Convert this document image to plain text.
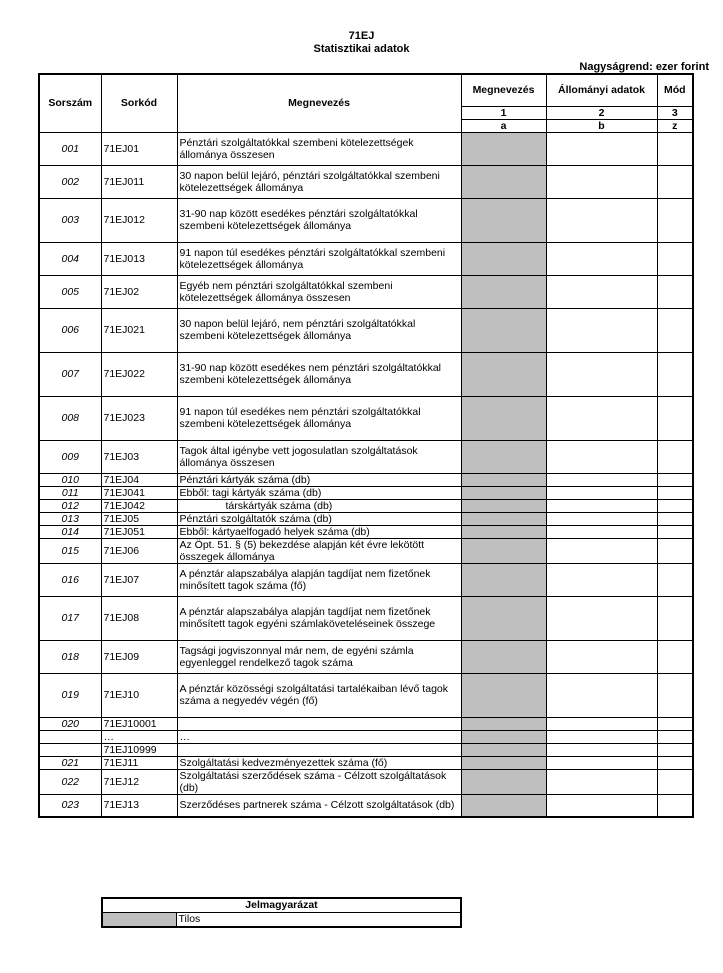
71EJ
Statisztikai adatok
Nagyságrend: ezer forint
Sorszám	Sorkód	Megnevezés	Megnevezés	Állományi adatok	Mód
			1	2	3
			a	b	z
001	71EJ01	Pénztári szolgáltatókkal szembeni kötelezettségek állománya összesen			
002	71EJ011	30 napon belül lejáró, pénztári szolgáltatókkal szembeni kötelezettségek állománya			
003	71EJ012	31-90 nap között esedékes pénztári szolgáltatókkal szembeni kötelezettségek állománya			
004	71EJ013	91 napon túl esedékes pénztári szolgáltatókkal szembeni kötelezettségek állománya			
005	71EJ02	Egyéb nem pénztári szolgáltatókkal szembeni kötelezettségek állománya összesen			
006	71EJ021	30 napon belül lejáró, nem pénztári szolgáltatókkal szembeni kötelezettségek állománya			
007	71EJ022	31-90 nap között esedékes nem pénztári szolgáltatókkal szembeni kötelezettségek állománya			
008	71EJ023	91 napon túl esedékes nem pénztári szolgáltatókkal szembeni kötelezettségek állománya			
009	71EJ03	Tagok által igénybe vett jogosulatlan szolgáltatások állománya összesen			
010	71EJ04	Pénztári kártyák száma (db)			
011	71EJ041	Ebből: tagi kártyák száma (db)			
012	71EJ042	társkártyák száma (db)			
013	71EJ05	Pénztári szolgáltatók száma (db)			
014	71EJ051	Ebből: kártyaelfogadó helyek száma (db)			
015	71EJ06	Az Öpt. 51. § (5) bekezdése alapján két évre lekötött összegek állománya			
016	71EJ07	A pénztár alapszabálya alapján tagdíjat nem fizetőnek minősített tagok száma (fő)			
017	71EJ08	A pénztár alapszabálya alapján tagdíjat nem fizetőnek minősített tagok egyéni számlaköveteléseinek összege			
018	71EJ09	Tagsági jogviszonnyal már nem, de egyéni számla egyenleggel rendelkező tagok száma			
019	71EJ10	A pénztár közösségi szolgáltatási tartalékaiban lévő tagok száma a negyedév végén (fő)			
020	71EJ10001				
	…	…			
	71EJ10999				
021	71EJ11	Szolgáltatási kedvezményezettek száma (fő)			
022	71EJ12	Szolgáltatási szerződések száma - Célzott szolgáltatások (db)			
023	71EJ13	Szerződéses partnerek száma - Célzott szolgáltatások (db)			
Jelmagyarázat
	Tilos
